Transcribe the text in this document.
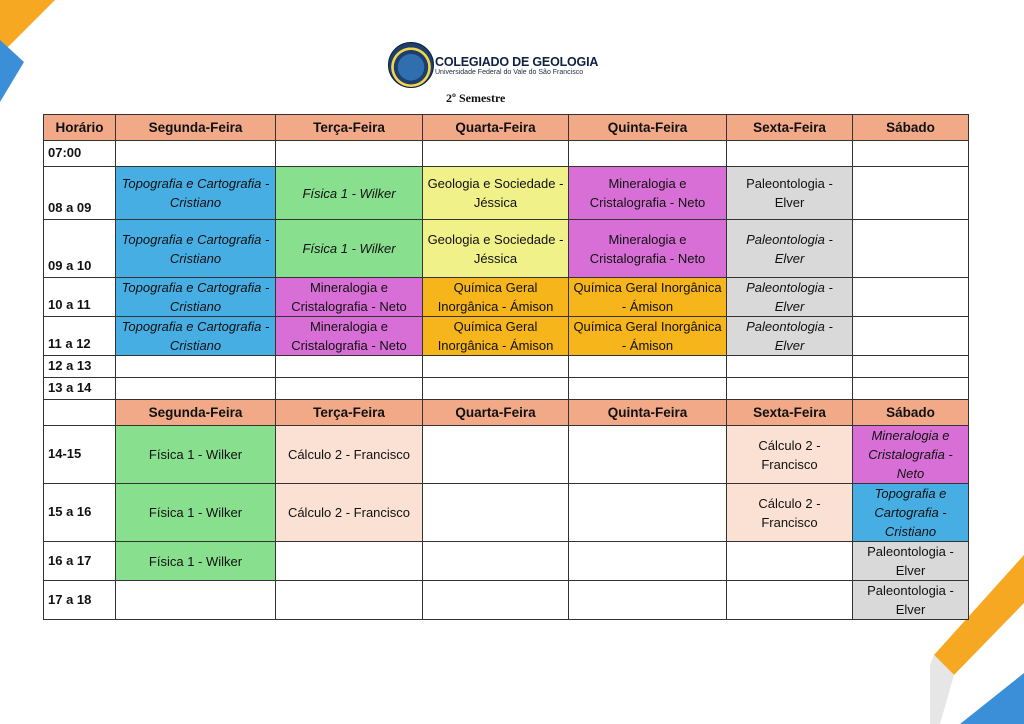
COLEGIADO DE GEOLOGIA
Universidade Federal do Vale do São Francisco
2º Semestre
Horário	Segunda-Feira	Terça-Feira	Quarta-Feira	Quinta-Feira	Sexta-Feira	Sábado
07:00						
08 a 09	Topografia e Cartografia - Cristiano	Física 1 - Wilker	Geologia e Sociedade - Jéssica	Mineralogia e Cristalografia - Neto	Paleontologia - Elver	
09 a 10	Topografia e Cartografia -Cristiano	Física 1 - Wilker	Geologia e Sociedade - Jéssica	Mineralogia e Cristalografia - Neto	Paleontologia - Elver	
10 a 11	Topografia e Cartografia - Cristiano	Mineralogia e Cristalografia - Neto	Química Geral Inorgânica - Ámison	Química Geral Inorgânica - Ámison	Paleontologia - Elver	
11 a 12	Topografia e Cartografia - Cristiano	Mineralogia e Cristalografia - Neto	Química Geral Inorgânica - Ámison	Química Geral Inorgânica - Ámison	Paleontologia - Elver	
12 a 13						
13 a 14						
	Segunda-Feira	Terça-Feira	Quarta-Feira	Quinta-Feira	Sexta-Feira	Sábado
14-15	Física 1 - Wilker	Cálculo 2 - Francisco			Cálculo 2 - Francisco	Mineralogia e Cristalografia - Neto
15 a 16	Física 1 - Wilker	Cálculo 2 - Francisco			Cálculo 2 - Francisco	Topografia e Cartografia - Cristiano
16 a 17	Física 1 - Wilker					Paleontologia - Elver
17 a 18						Paleontologia - Elver
